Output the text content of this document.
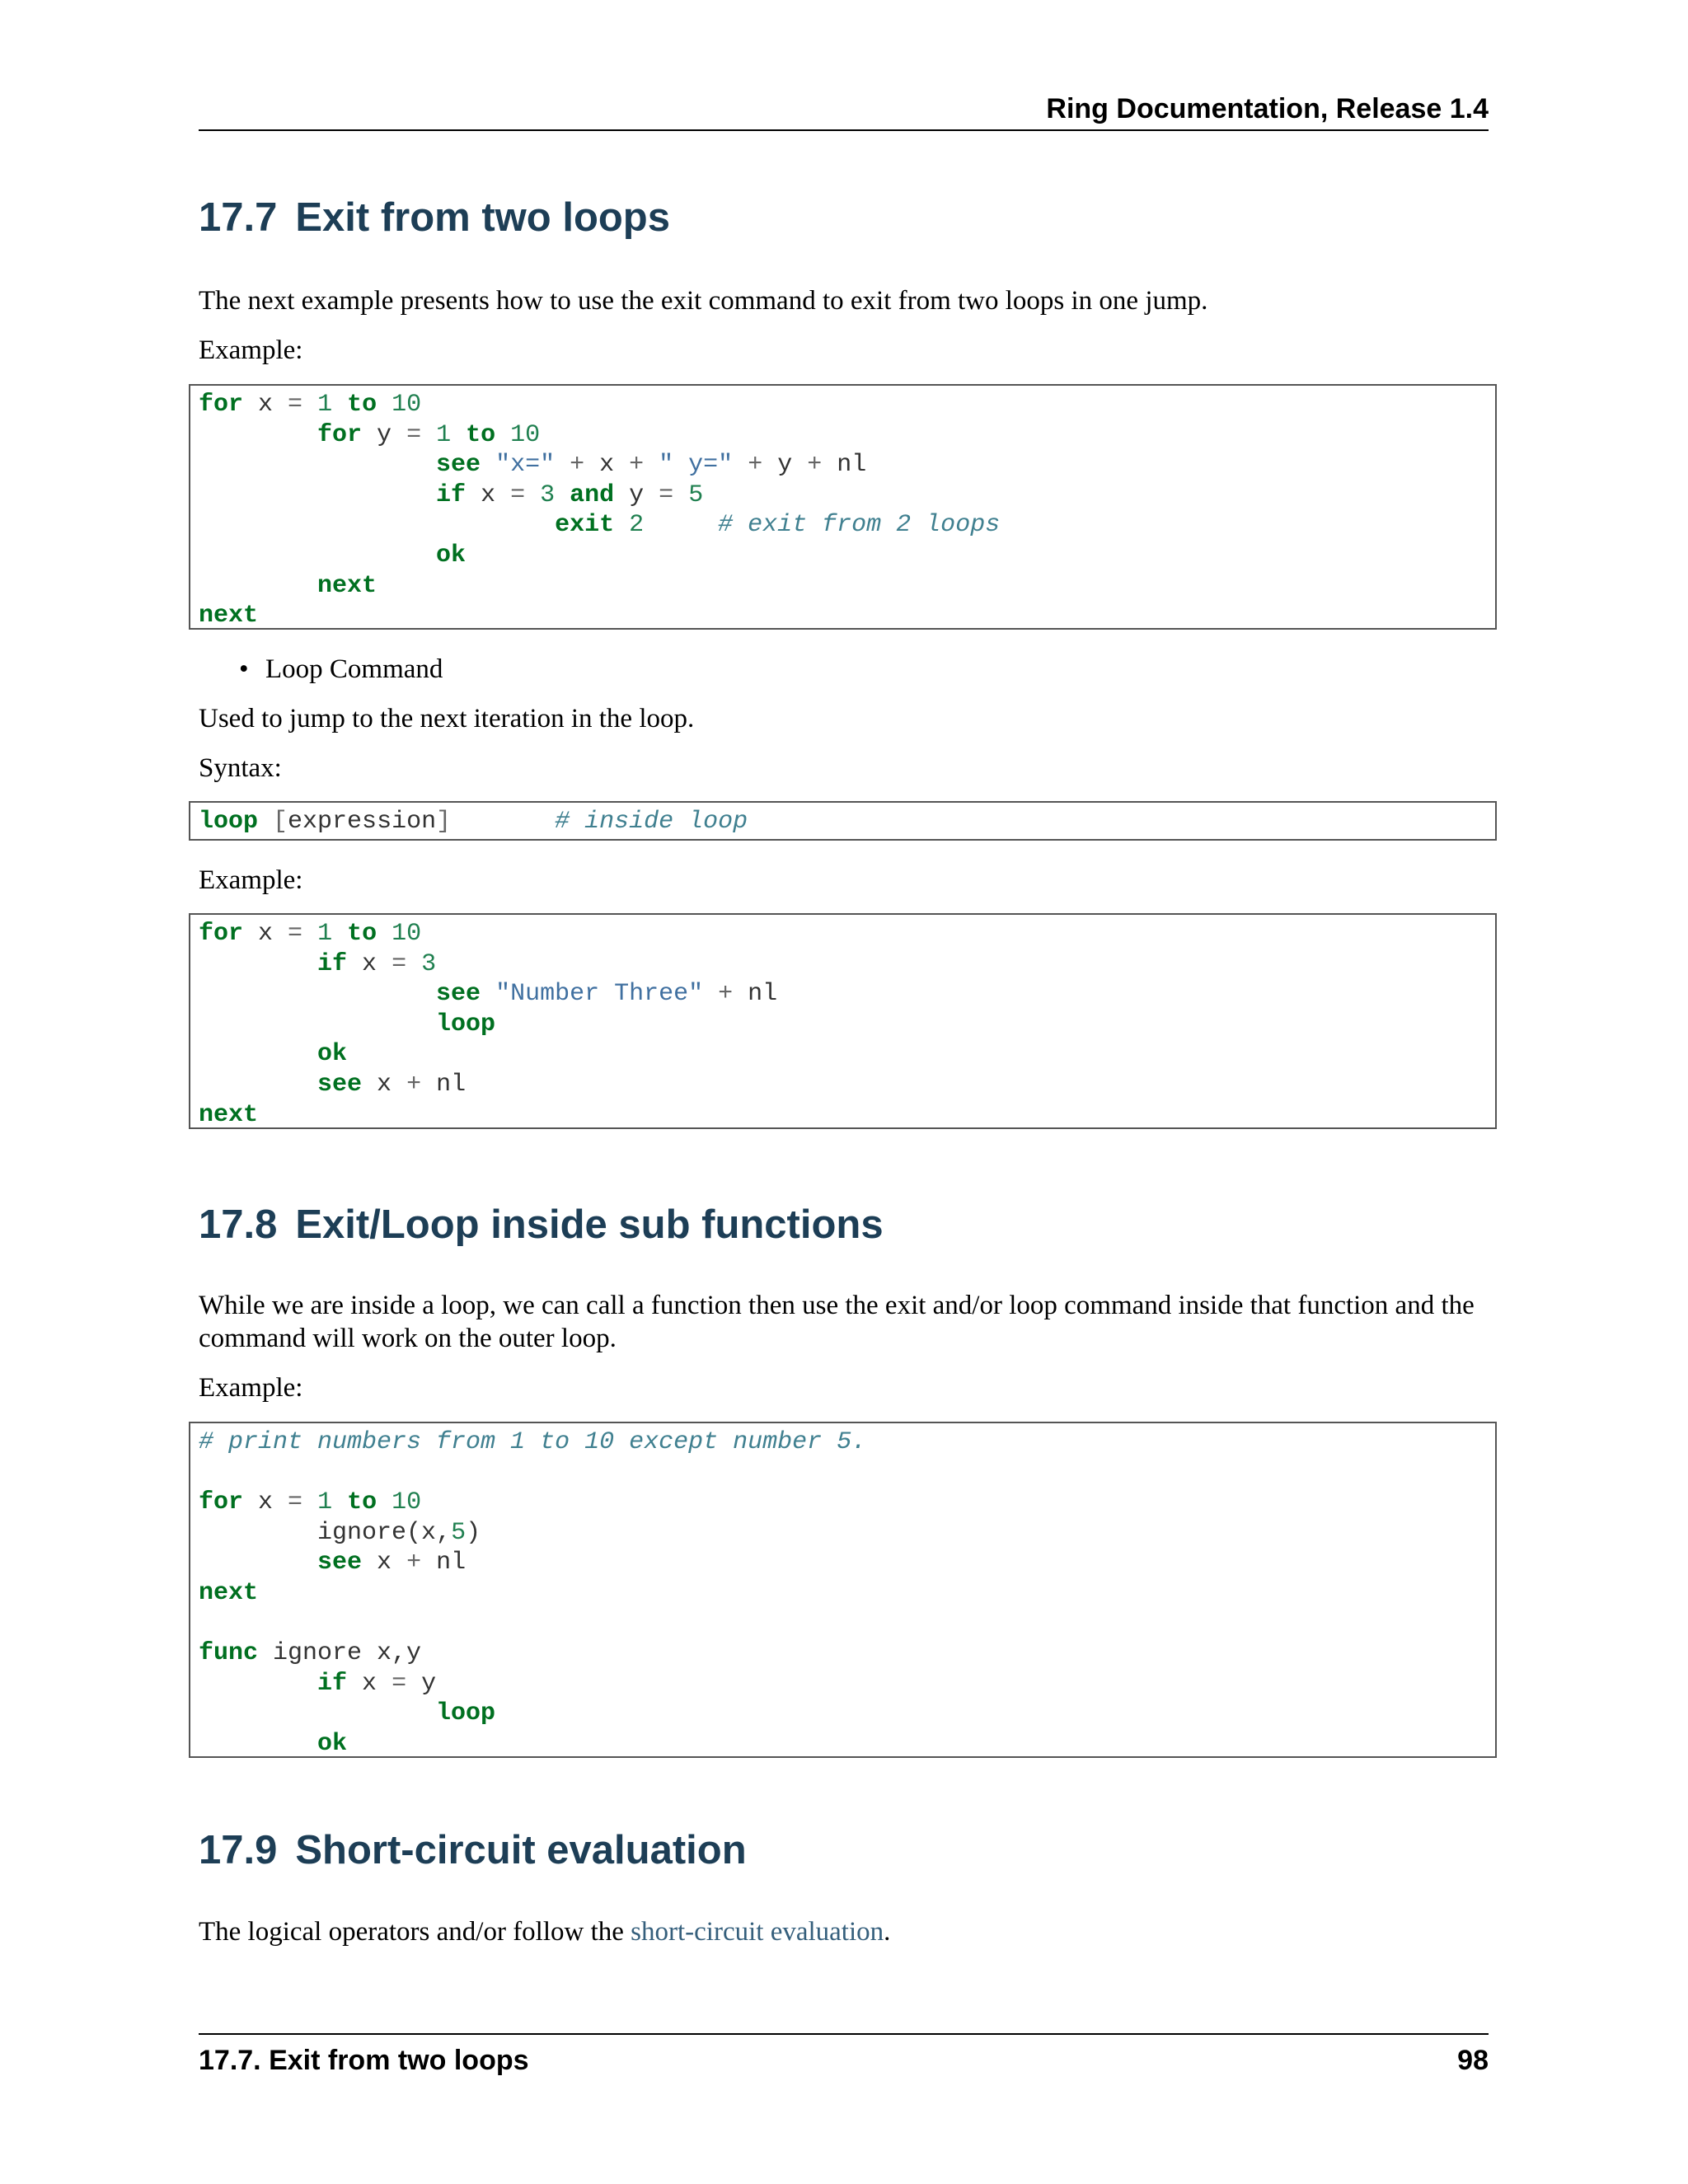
Ring Documentation, Release 1.4
17.7 Exit from two loops

The next example presents how to use the exit command to exit from two loops in one jump.

Example:

for x = 1 to 10
for y = 1 to 10
see "x=" + x + " y=" + y + nl
if x = 3 and y = 5
exit 2	# exit from 2 loops
ok
next
next
• Loop Command

Used to jump to the next iteration in the loop.

Syntax:

loop [expression]	# inside loop

Example:

for x = 1 to 10
if x = 3
see "Number Three" + nl
loop
ok
see x + nl
next
17.8 Exit/Loop inside sub functions

While we are inside a loop, we can call a function then use the exit and/or loop command inside that function and the command will work on the outer loop.

Example:

# print numbers from 1 to 10 except number 5.

for x = 1 to 10
ignore(x,5)
see x + nl
next

func ignore x,y
if x = y
loop
ok
17.9 Short-circuit evaluation

The logical operators and/or follow the short-circuit evaluation.

17.7. Exit from two loops	98
